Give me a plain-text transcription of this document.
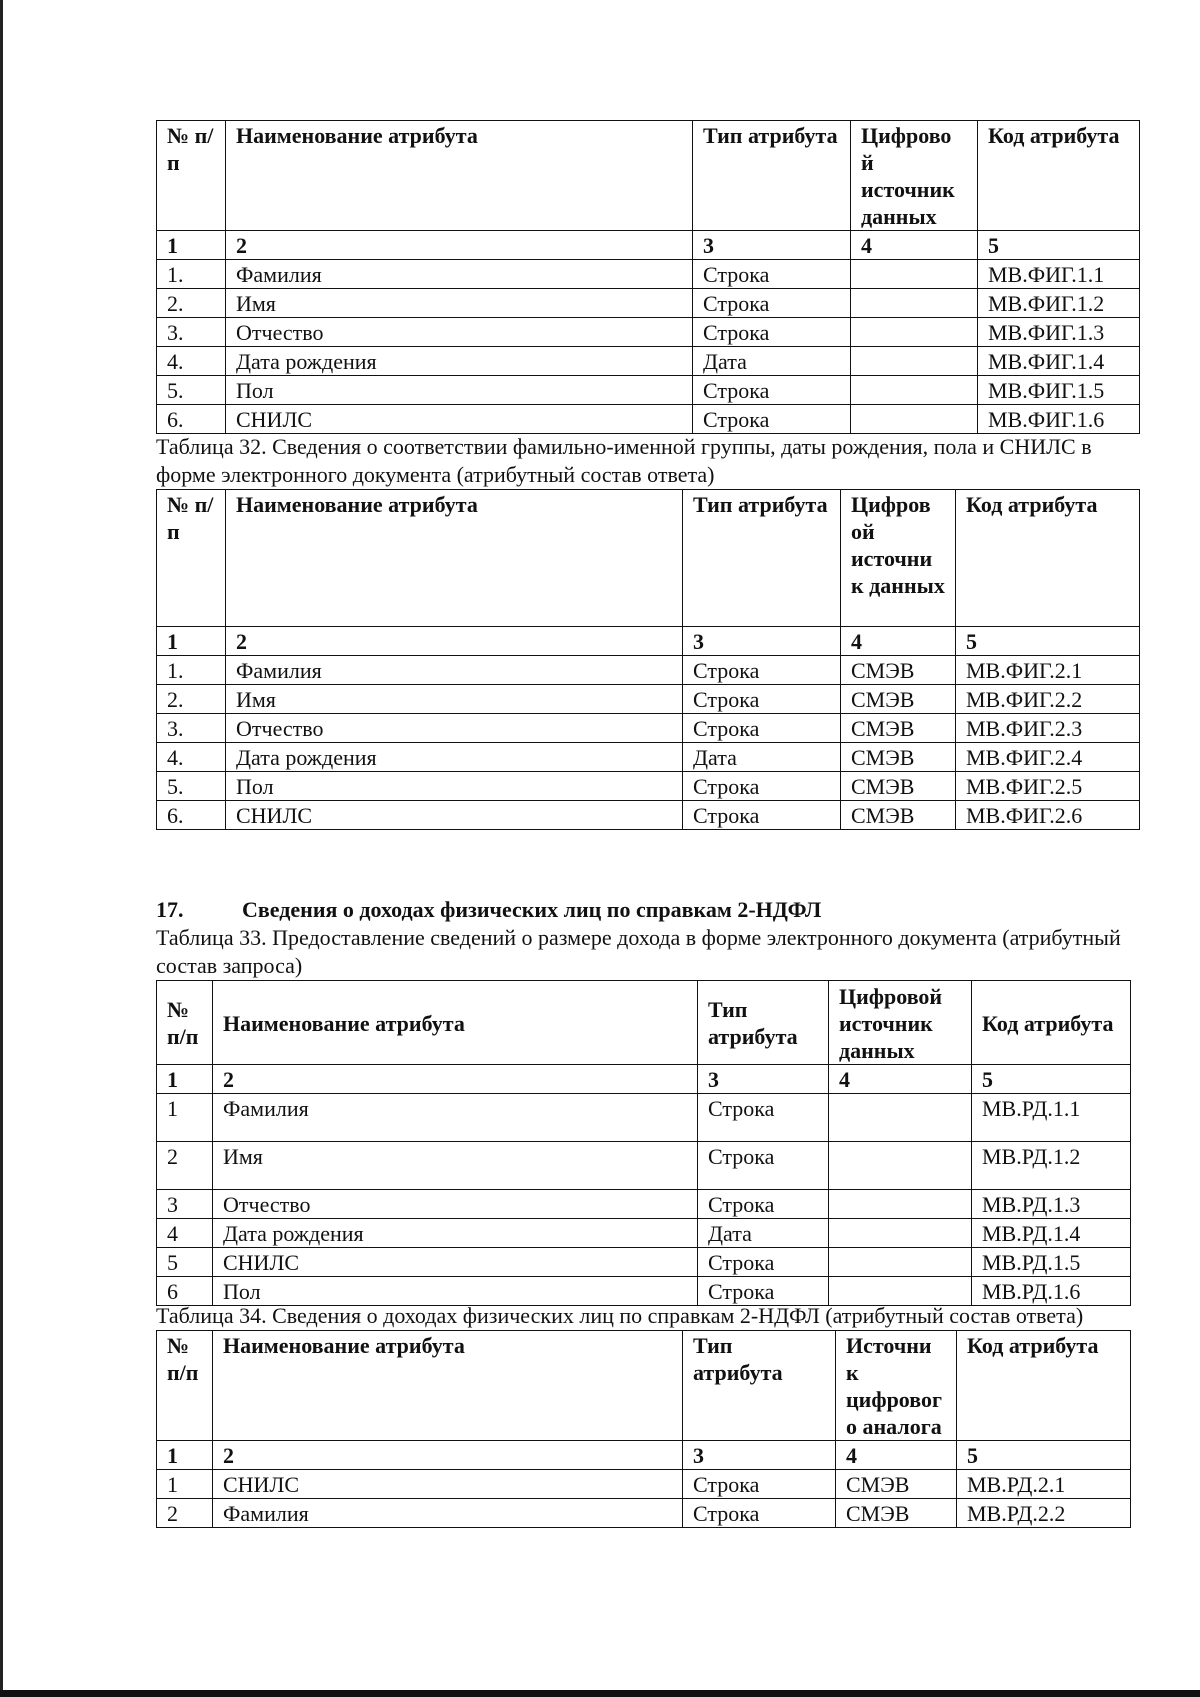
№ п/п	Наименование атрибута	Тип атрибута	Цифрово й источник данных	Код атрибута
1	2	3	4	5
1.	Фамилия	Строка		МВ.ФИГ.1.1
2.	Имя	Строка		МВ.ФИГ.1.2
3.	Отчество	Строка		МВ.ФИГ.1.3
4.	Дата рождения	Дата		МВ.ФИГ.1.4
5.	Пол	Строка		МВ.ФИГ.1.5
6.	СНИЛС	Строка		МВ.ФИГ.1.6

Таблица 32. Сведения о соответствии фамильно-именной группы, даты рождения, пола и СНИЛС в форме электронного документа (атрибутный состав ответа)

№ п/п	Наименование атрибута	Тип атрибута	Цифров ой источни к данных	Код атрибута
1	2	3	4	5
1.	Фамилия	Строка	СМЭВ	МВ.ФИГ.2.1
2.	Имя	Строка	СМЭВ	МВ.ФИГ.2.2
3.	Отчество	Строка	СМЭВ	МВ.ФИГ.2.3
4.	Дата рождения	Дата	СМЭВ	МВ.ФИГ.2.4
5.	Пол	Строка	СМЭВ	МВ.ФИГ.2.5
6.	СНИЛС	Строка	СМЭВ	МВ.ФИГ.2.6

17.	Сведения о доходах физических лиц по справкам 2-НДФЛ

Таблица 33. Предоставление сведений о размере дохода в форме электронного документа (атрибутный состав запроса)

№ п/п	Наименование атрибута	Тип атрибута	Цифровой источник данных	Код атрибута
1	2	3	4	5
1	Фамилия	Строка		МВ.РД.1.1
2	Имя	Строка		МВ.РД.1.2
3	Отчество	Строка		МВ.РД.1.3
4	Дата рождения	Дата		МВ.РД.1.4
5	СНИЛС	Строка		МВ.РД.1.5
6	Пол	Строка		МВ.РД.1.6

Таблица 34. Сведения о доходах физических лиц по справкам 2-НДФЛ (атрибутный состав ответа)

№ п/п	Наименование атрибута	Тип атрибута	Источни к цифровог о аналога	Код атрибута
1	2	3	4	5
1	СНИЛС	Строка	СМЭВ	МВ.РД.2.1
2	Фамилия	Строка	СМЭВ	МВ.РД.2.2
